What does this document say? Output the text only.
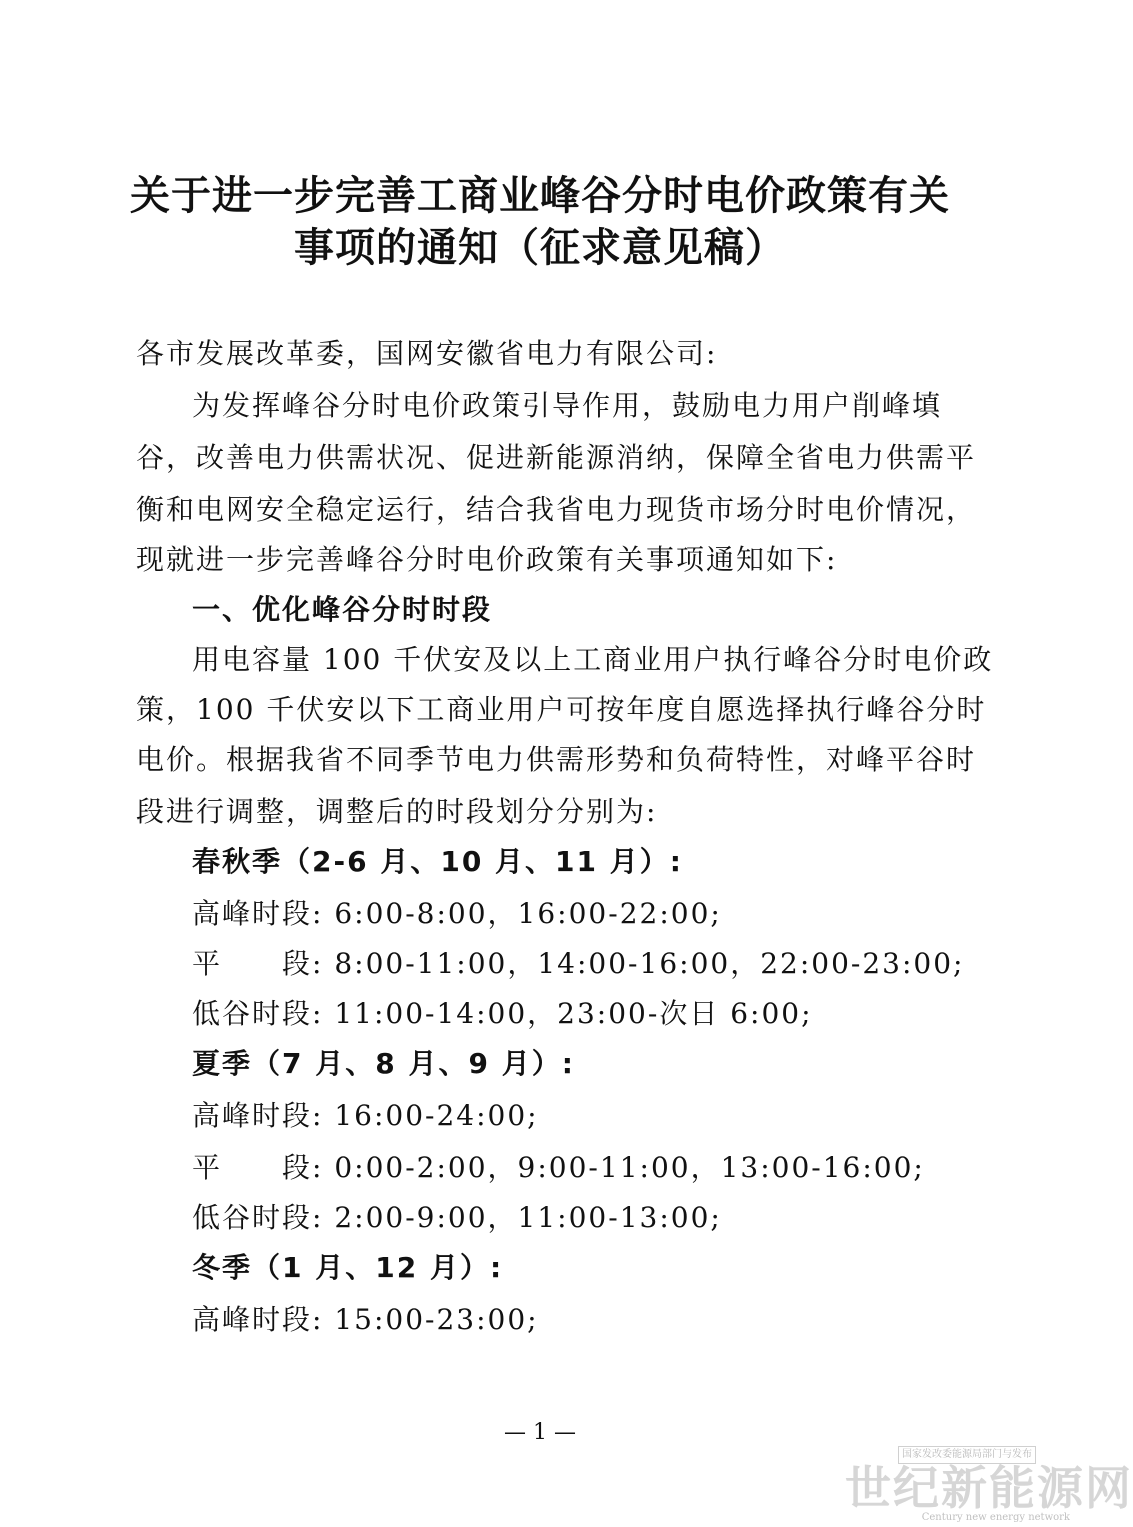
关于进一步完善工商业峰谷分时电价政策有关
事项的通知（征求意见稿）
各市发展改革委，国网安徽省电力有限公司:
为发挥峰谷分时电价政策引导作用，鼓励电力用户削峰填
谷，改善电力供需状况、促进新能源消纳，保障全省电力供需平
衡和电网安全稳定运行，结合我省电力现货市场分时电价情况，
现就进一步完善峰谷分时电价政策有关事项通知如下:
一、优化峰谷分时时段
用电容量 100 千伏安及以上工商业用户执行峰谷分时电价政
策，100 千伏安以下工商业用户可按年度自愿选择执行峰谷分时
电价。根据我省不同季节电力供需形势和负荷特性，对峰平谷时
段进行调整，调整后的时段划分分别为:
春秋季（2-6 月、10 月、11 月）:
高峰时段: 6:00-8:00，16:00-22:00;
平　　段: 8:00-11:00，14:00-16:00，22:00-23:00;
低谷时段: 11:00-14:00，23:00-次日 6:00;
夏季（7 月、8 月、9 月）:
高峰时段: 16:00-24:00;
平　　段: 0:00-2:00，9:00-11:00，13:00-16:00;
低谷时段: 2:00-9:00，11:00-13:00;
冬季（1 月、12 月）:
高峰时段: 15:00-23:00;
— 1 —
国家发改委能源局部门与发布
世纪新能源网
Century new energy network
